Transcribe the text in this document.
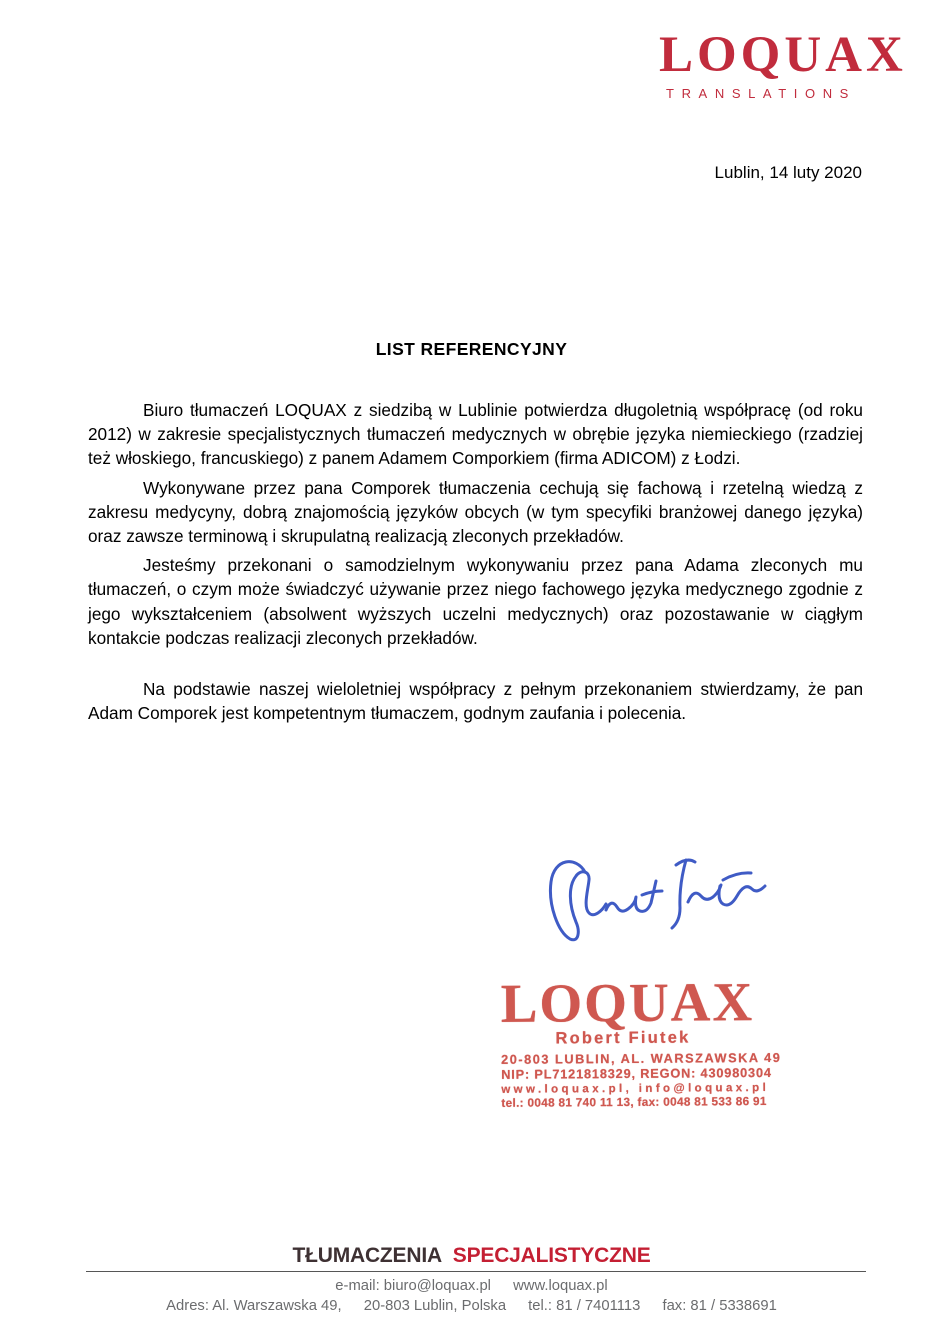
LOQUAX
TRANSLATIONS
Lublin, 14 luty 2020
LIST REFERENCYJNY

Biuro tłumaczeń LOQUAX z siedzibą w Lublinie potwierdza długoletnią współpracę (od roku 2012) w zakresie specjalistycznych tłumaczeń medycznych w obrębie języka niemieckiego (rzadziej też włoskiego, francuskiego) z panem Adamem Comporkiem (firma ADICOM) z Łodzi.

Wykonywane przez pana Comporek tłumaczenia cechują się fachową i rzetelną wiedzą z zakresu medycyny, dobrą znajomością języków obcych (w tym specyfiki branżowej danego języka) oraz zawsze terminową i skrupulatną realizacją zleconych przekładów.

Jesteśmy przekonani o samodzielnym wykonywaniu przez pana Adama zleconych mu tłumaczeń, o czym może świadczyć używanie przez niego fachowego języka medycznego zgodnie z jego wykształceniem (absolwent wyższych uczelni medycznych) oraz pozostawanie w ciągłym kontakcie podczas realizacji zleconych przekładów.

Na podstawie naszej wieloletniej współpracy z pełnym przekonaniem stwierdzamy, że pan Adam Comporek jest kompetentnym tłumaczem, godnym zaufania i polecenia.

LOQUAX
Robert Fiutek
20-803 LUBLIN, AL. WARSZAWSKA 49
NIP: PL7121818329, REGON: 430980304
www.loquax.pl, info@loquax.pl
tel.: 0048 81 740 11 13, fax: 0048 81 533 86 91
TŁUMACZENIA SPECJALISTYCZNE
e-mail: biuro@loquax.pl www.loquax.pl
Adres: Al. Warszawska 49, 20-803 Lublin, Polska tel.: 81 / 7401113 fax: 81 / 5338691
